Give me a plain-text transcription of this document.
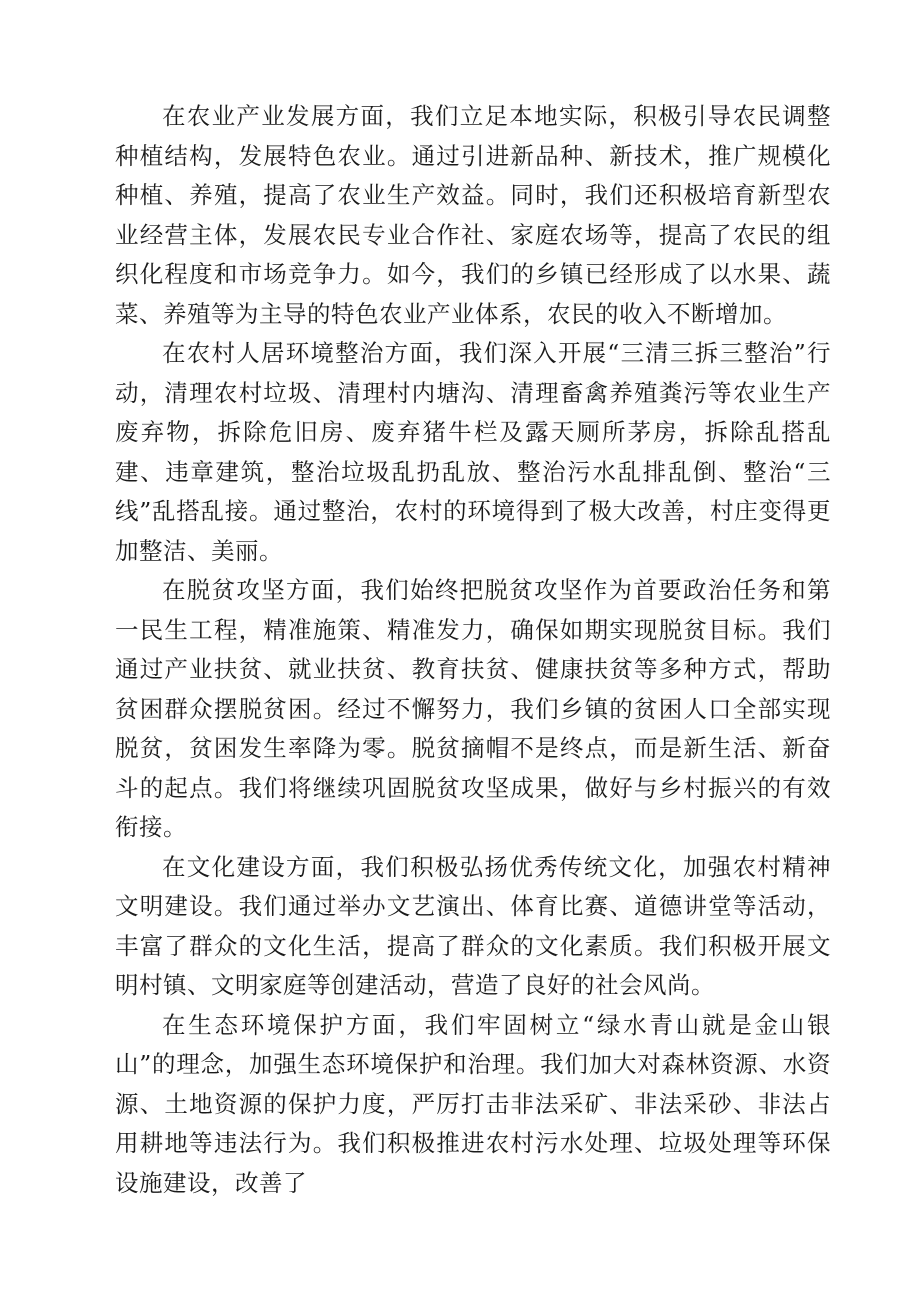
在农业产业发展方面，我们立足本地实际，积极引导农民调整种植结构，发展特色农业。通过引进新品种、新技术，推广规模化种植、养殖，提高了农业生产效益。同时，我们还积极培育新型农业经营主体，发展农民专业合作社、家庭农场等，提高了农民的组织化程度和市场竞争力。如今，我们的乡镇已经形成了以水果、蔬菜、养殖等为主导的特色农业产业体系，农民的收入不断增加。

在农村人居环境整治方面，我们深入开展“三清三拆三整治”行动，清理农村垃圾、清理村内塘沟、清理畜禽养殖粪污等农业生产废弃物，拆除危旧房、废弃猪牛栏及露天厕所茅房，拆除乱搭乱建、违章建筑，整治垃圾乱扔乱放、整治污水乱排乱倒、整治“三线”乱搭乱接。通过整治，农村的环境得到了极大改善，村庄变得更加整洁、美丽。

在脱贫攻坚方面，我们始终把脱贫攻坚作为首要政治任务和第一民生工程，精准施策、精准发力，确保如期实现脱贫目标。我们通过产业扶贫、就业扶贫、教育扶贫、健康扶贫等多种方式，帮助贫困群众摆脱贫困。经过不懈努力，我们乡镇的贫困人口全部实现脱贫，贫困发生率降为零。脱贫摘帽不是终点，而是新生活、新奋斗的起点。我们将继续巩固脱贫攻坚成果，做好与乡村振兴的有效衔接。

在文化建设方面，我们积极弘扬优秀传统文化，加强农村精神文明建设。我们通过举办文艺演出、体育比赛、道德讲堂等活动，丰富了群众的文化生活，提高了群众的文化素质。我们积极开展文明村镇、文明家庭等创建活动，营造了良好的社会风尚。

在生态环境保护方面，我们牢固树立“绿水青山就是金山银山”的理念，加强生态环境保护和治理。我们加大对森林资源、水资源、土地资源的保护力度，严厉打击非法采矿、非法采砂、非法占用耕地等违法行为。我们积极推进农村污水处理、垃圾处理等环保设施建设，改善了
